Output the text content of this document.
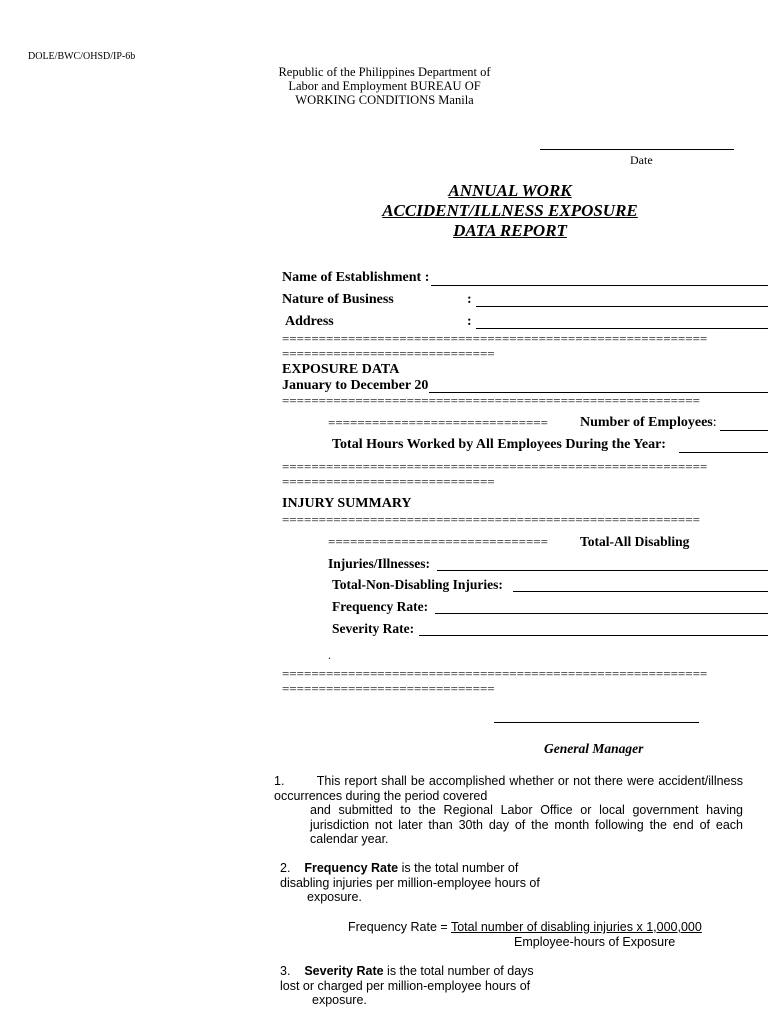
DOLE/BWC/OHSD/IP-6b
Republic of the Philippines Department of
Labor and Employment BUREAU OF
WORKING CONDITIONS Manila
Date
ANNUAL WORK
ACCIDENT/ILLNESS EXPOSURE
DATA REPORT
Name of Establishment :
Nature of Business	:
Address	:
==========================================================
=============================
EXPOSURE DATA
January to December 20
=========================================================
============================== Number of Employees:
Total Hours Worked by All Employees During the Year:
==========================================================
=============================
INJURY SUMMARY
=========================================================
============================== Total-All Disabling
Injuries/Illnesses:
Total-Non-Disabling Injuries:
Frequency Rate:
Severity Rate:
.
==========================================================
=============================
General Manager
1.	This report shall be accomplished whether or not there were accident/illness occurrences during the period covered
and submitted to the Regional Labor Office or local government having jurisdiction not later than 30th day of the month following the end of each calendar year.
2. Frequency Rate is the total number of
disabling injuries per million-employee hours of
exposure.
Frequency Rate = Total number of disabling injuries x 1,000,000
Employee-hours of Exposure
3. Severity Rate is the total number of days
lost or charged per million-employee hours of
exposure.
